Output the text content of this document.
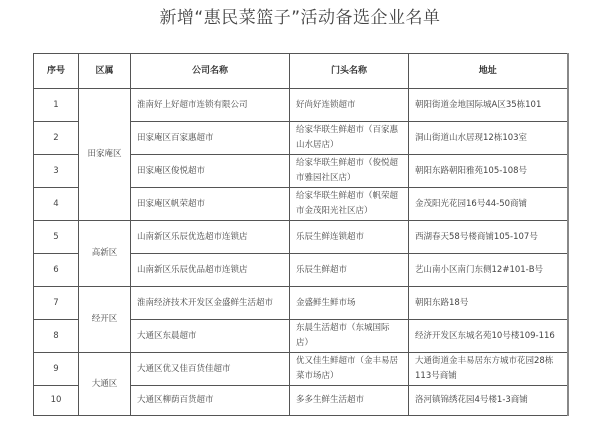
新增“惠民菜篮子”活动备选企业名单
序号	区属	公司名称	门头名称	地址
1	田家庵区	淮南好上好超市连锁有限公司	好尚好连锁超市	朝阳街道金地国际城A区35栋101
2		田家庵区百家惠超市	给家华联生鲜超市（百家惠山水居店）	洞山街道山水居现12栋103室
3		田家庵区俊悦超市	给家华联生鲜超市（俊悦超市雅园社区店）	朝阳东路朝阳雅苑105-108号
4		田家庵区帆荣超市	给家华联生鲜超市（帆荣超市金茂阳光社区店）	金茂阳光花园16号44-50商铺
5	高新区	山南新区乐辰优选超市连锁店	乐辰生鲜连锁超市	西湖春天58号楼商铺105-107号
6		山南新区乐辰优品超市连锁店	乐辰生鲜超市	艺山南小区南门东侧12#101-B号
7	经开区	淮南经济技术开发区金盛鲜生活超市	金盛鲜生鲜市场	朝阳东路18号
8		大通区东晨超市	东晨生活超市（东城国际店）	经济开发区东城名苑10号楼109-116
9	大通区	大通区优又佳百货佳超市	优又佳生鲜超市（金丰易居菜市场店）	大通街道金丰易居东方城市花园28栋113号商铺
10		大通区柳荫百货超市	多多生鲜生活超市	洛河镇锦绣花园4号楼1-3商铺
